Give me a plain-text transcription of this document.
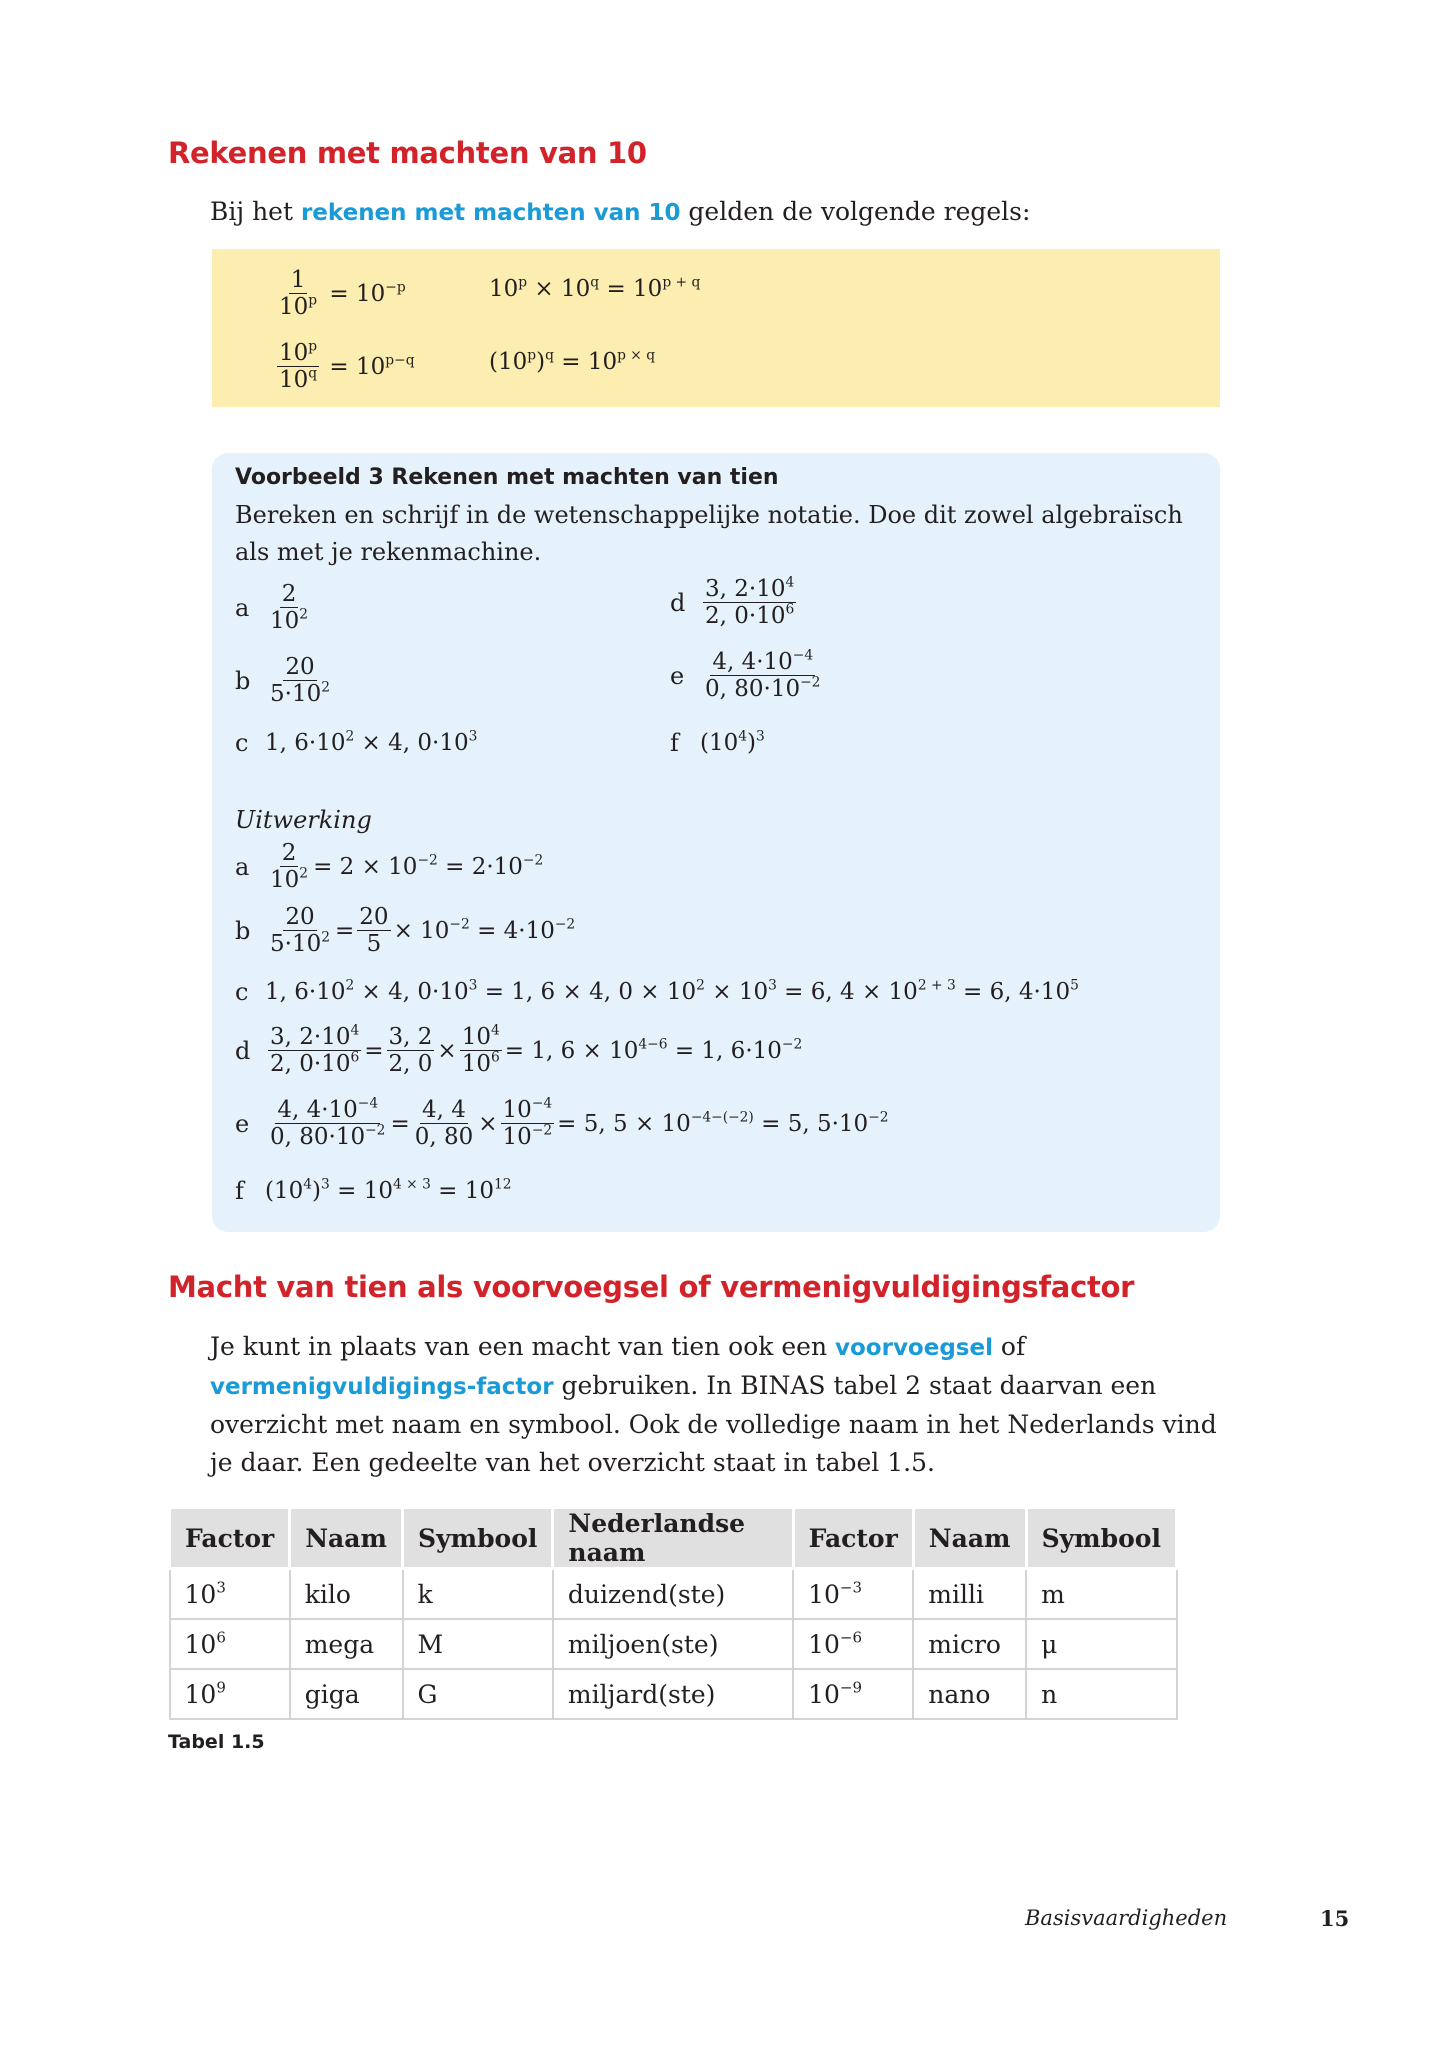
Rekenen met machten van 10
Bij het rekenen met machten van 10 gelden de volgende regels:
$\frac{1}{10^p} = 10^{-p}$	$10^p \times 10^q = 10^{p + q}$
$\frac{10^p}{10^q} = 10^{p-q}$	$(10^p)^q = 10^{p \times q}$
Voorbeeld 3 Rekenen met machten van tien
Bereken en schrijf in de wetenschappelijke notatie. Doe dit zowel algebraïsch als met je rekenmachine.
a $\frac{2}{10^2}$
b $\frac{20}{5\cdot 10^2}$
c 1, $6\cdot 10^2 \times 4$, $0\cdot 10^3$
d $\frac{3, 2\cdot 10^4}{2, 0\cdot 10^6}$
e $\frac{4, 4\cdot 10^{-4}}{0, 80\cdot 10^{-2}}$
f $(10^4)^3$
Uitwerking
a $\frac{2}{10^2} = 2 \times 10^{-2} = 2\cdot 10^{-2}$
b $\frac{20}{5\cdot 10^2} = \frac{20}{5} \times 10^{-2} = 4\cdot 10^{-2}$
c 1, $6\cdot 10^2 \times 4$, $0\cdot 10^3 = 1$, 6 × 4, $0 \times 10^2 \times 10^3 = 6$, $4 \times 10^{2 + 3} = 6$, $4\cdot 10^5$
d $\frac{3, 2\cdot 10^4}{2, 0\cdot 10^6} = \frac{3, 2}{2, 0} \times \frac{10^4}{10^6} = 1$, $6 \times 10^{4-6} = 1$, $6\cdot 10^{-2}$
e $\frac{4, 4\cdot 10^{-4}}{0, 80\cdot 10^{-2}} = \frac{4, 4}{0, 80} \times \frac{10^{-4}}{10^{-2}} = 5$, $5 \times 10^{-4-(-2)} = 5$, $5\cdot 10^{-2}$
f $(10^4)^3 = 10^{4 \times 3} = 10^{12}$
Macht van tien als voorvoegsel of vermenigvuldigingsfactor
Je kunt in plaats van een macht van tien ook een voorvoegsel of vermenigvuldigings-factor gebruiken. In BINAS tabel 2 staat daarvan een overzicht met naam en symbool. Ook de volledige naam in het Nederlands vind je daar. Een gedeelte van het overzicht staat in tabel 1.5.
Factor	Naam	Symbool	Nederlandse naam	Factor	Naam	Symbool
$10^3$	kilo	k	duizend(ste)	$10^{-3}$	milli	m
$10^6$	mega	M	miljoen(ste)	$10^{-6}$	micro	μ
$10^9$	giga	G	miljard(ste)	$10^{-9}$	nano	n
Tabel 1.5
Basisvaardigheden	15
